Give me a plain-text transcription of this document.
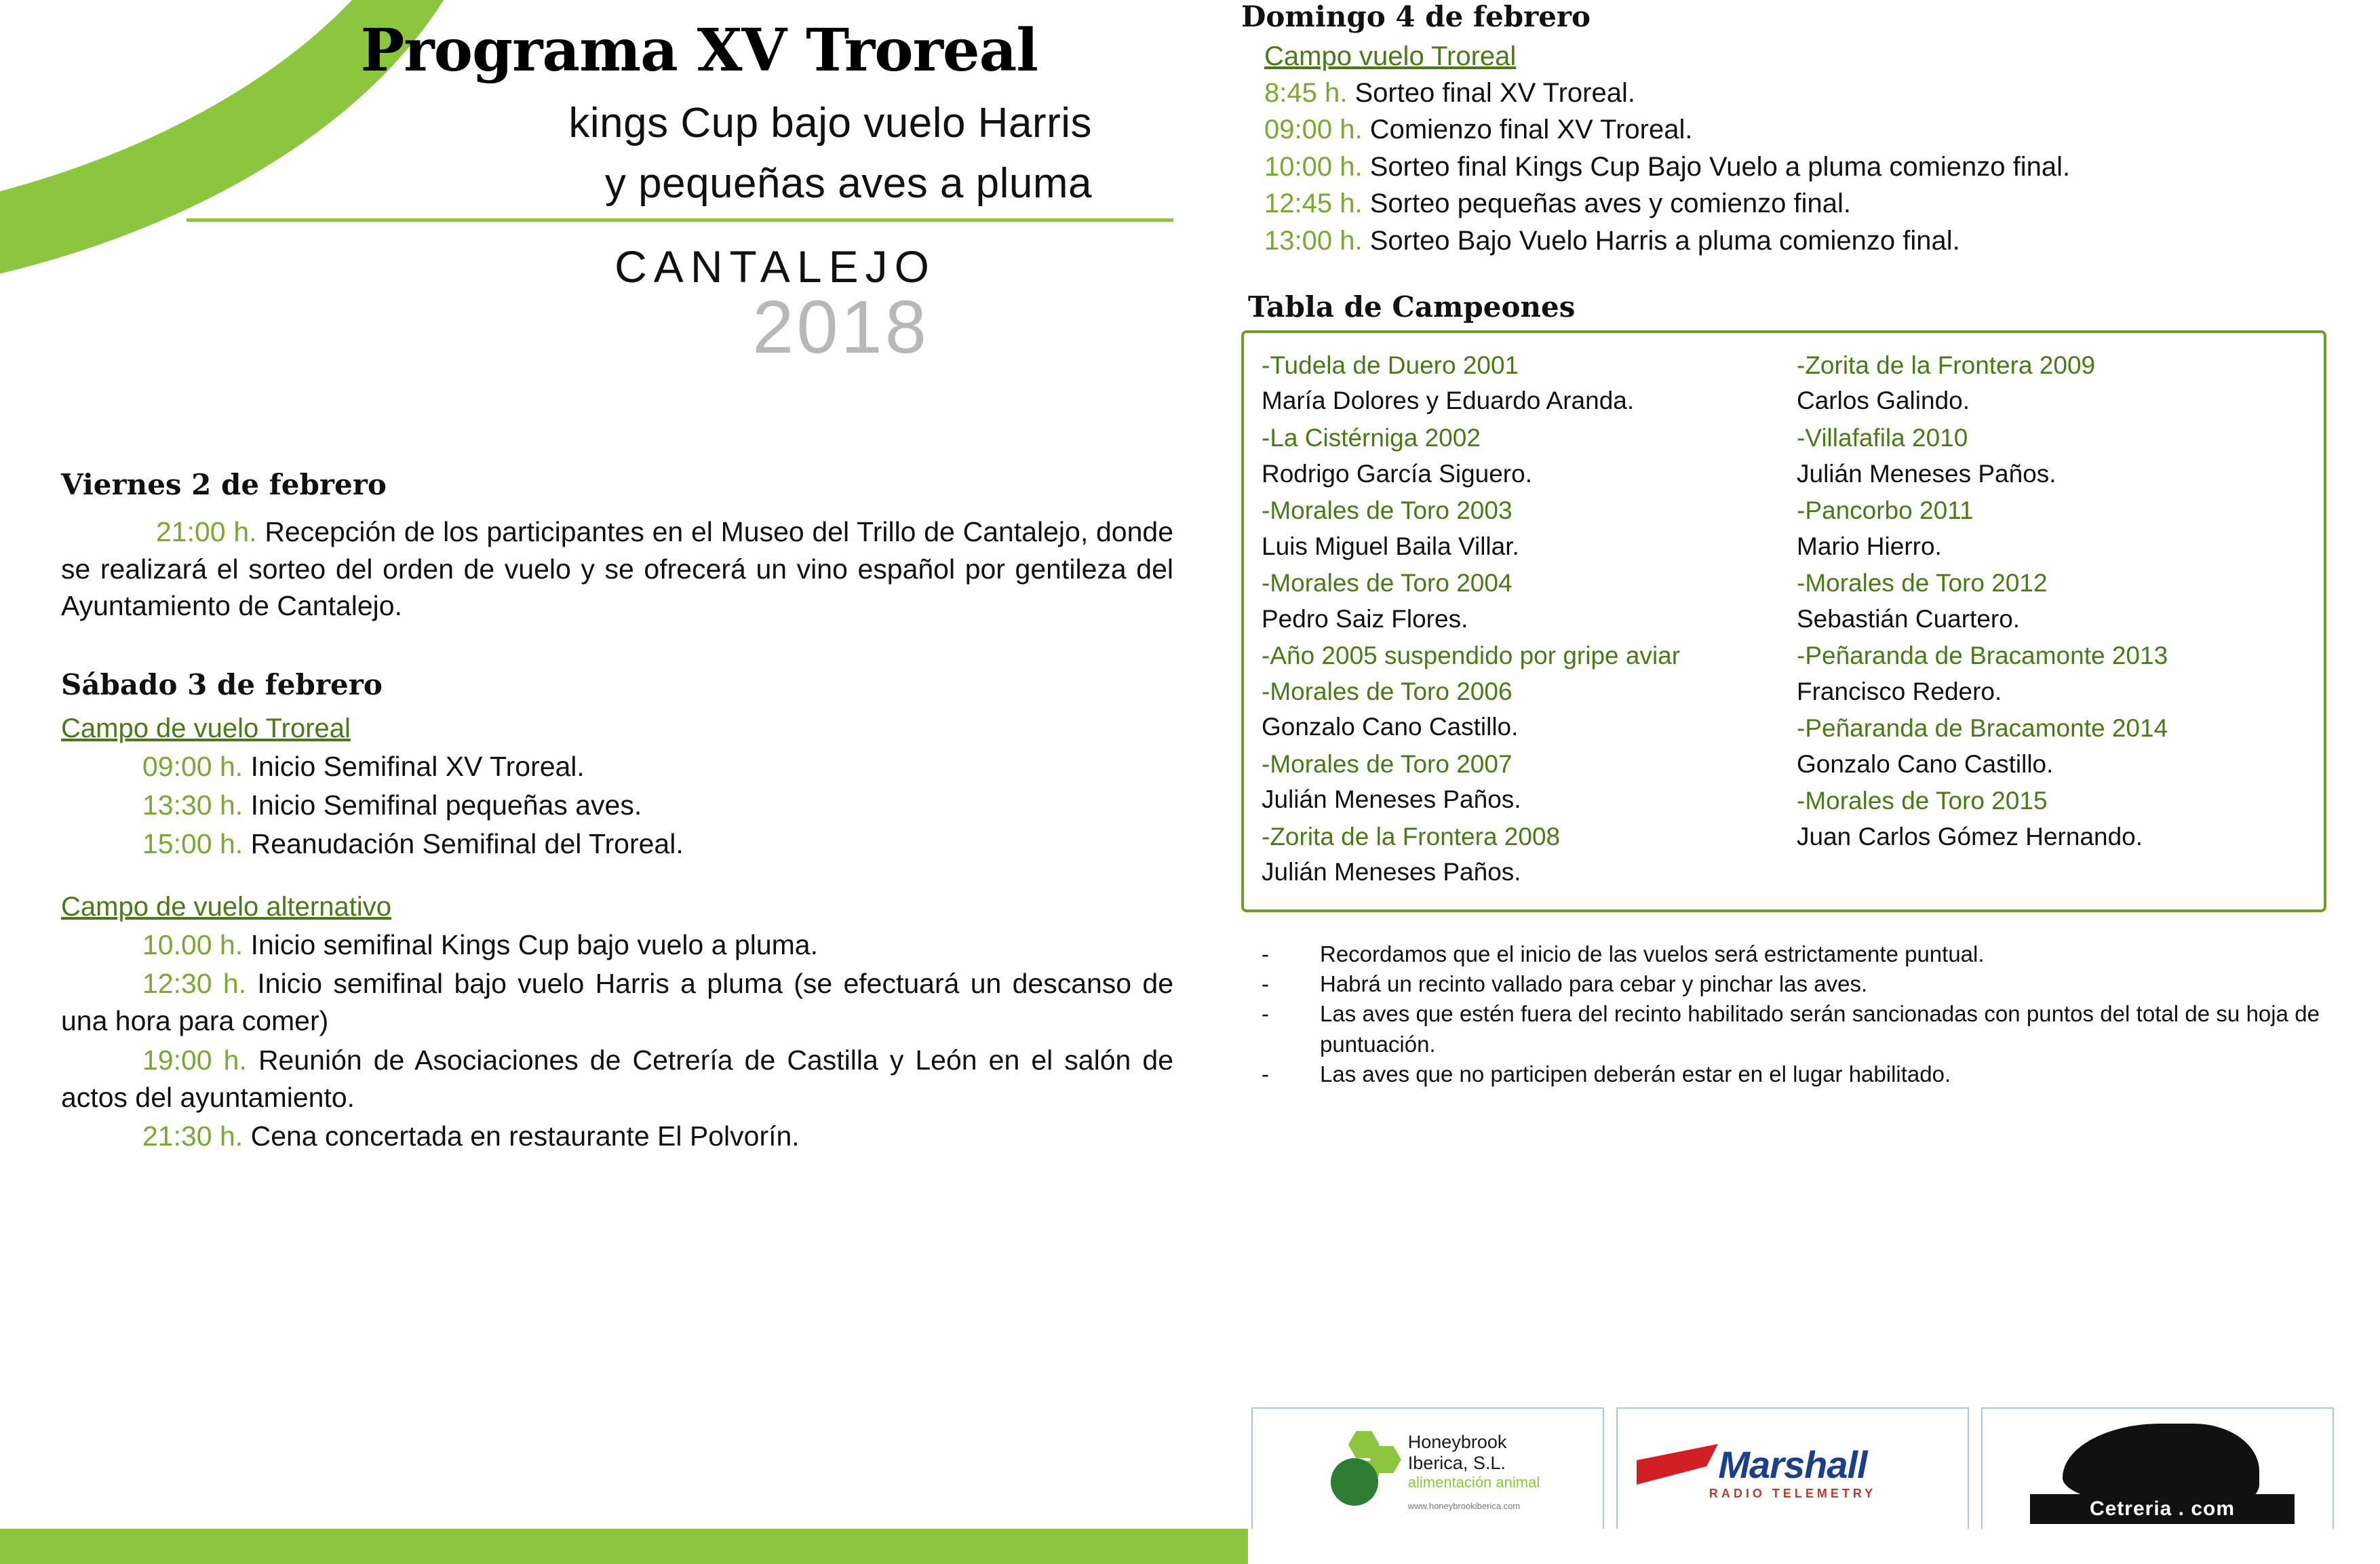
Programa XV Troreal
kings Cup bajo vuelo Harris
y pequeñas aves a pluma
CANTALEJO
2018
Viernes 2 de febrero

21:00 h. Recepción de los participantes en el Museo del Trillo de Cantalejo, donde se realizará el sorteo del orden de vuelo y se ofrecerá un vino español por gentileza del Ayuntamiento de Cantalejo.

Sábado 3 de febrero
Campo de vuelo Troreal

09:00 h. Inicio Semifinal XV Troreal.

13:30 h. Inicio Semifinal pequeñas aves.

15:00 h. Reanudación Semifinal del Troreal.

Campo de vuelo alternativo

10.00 h. Inicio semifinal Kings Cup bajo vuelo a pluma.

12:30 h. Inicio semifinal bajo vuelo Harris a pluma (se efectuará un descanso de una hora para comer)

19:00 h. Reunión de Asociaciones de Cetrería de Castilla y León en el salón de actos del ayuntamiento.

21:30 h. Cena concertada en restaurante El Polvorín.

Domingo 4 de febrero
Campo vuelo Troreal

8:45 h. Sorteo final XV Troreal.

09:00 h. Comienzo final XV Troreal.

10:00 h. Sorteo final Kings Cup Bajo Vuelo a pluma comienzo final.

12:45 h. Sorteo pequeñas aves y comienzo final.

13:00 h. Sorteo Bajo Vuelo Harris a pluma comienzo final.

Tabla de Campeones
-Tudela de Duero 2001
María Dolores y Eduardo Aranda.
-La Cistérniga 2002
Rodrigo García Siguero.
-Morales de Toro 2003
Luis Miguel Baila Villar.
-Morales de Toro 2004
Pedro Saiz Flores.
-Año 2005 suspendido por gripe aviar
-Morales de Toro 2006
Gonzalo Cano Castillo.
-Morales de Toro 2007
Julián Meneses Paños.
-Zorita de la Frontera 2008
Julián Meneses Paños.
-Zorita de la Frontera 2009
Carlos Galindo.
-Villafafila 2010
Julián Meneses Paños.
-Pancorbo 2011
Mario Hierro.
-Morales de Toro 2012
Sebastián Cuartero.
-Peñaranda de Bracamonte 2013
Francisco Redero.
-Peñaranda de Bracamonte 2014
Gonzalo Cano Castillo.
-Morales de Toro 2015
Juan Carlos Gómez Hernando.
-	Recordamos que el inicio de las vuelos será estrictamente puntual.
-	Habrá un recinto vallado para cebar y pinchar las aves.
-	Las aves que estén fuera del recinto habilitado serán sancionadas con puntos del total de su hoja de puntuación.
-	Las aves que no participen deberán estar en el lugar habilitado.
Honeybrook
Iberica, S.L.
alimentación animal
www.honeybrookiberica.com
Marshall
RADIO TELEMETRY
Cetreria . com
